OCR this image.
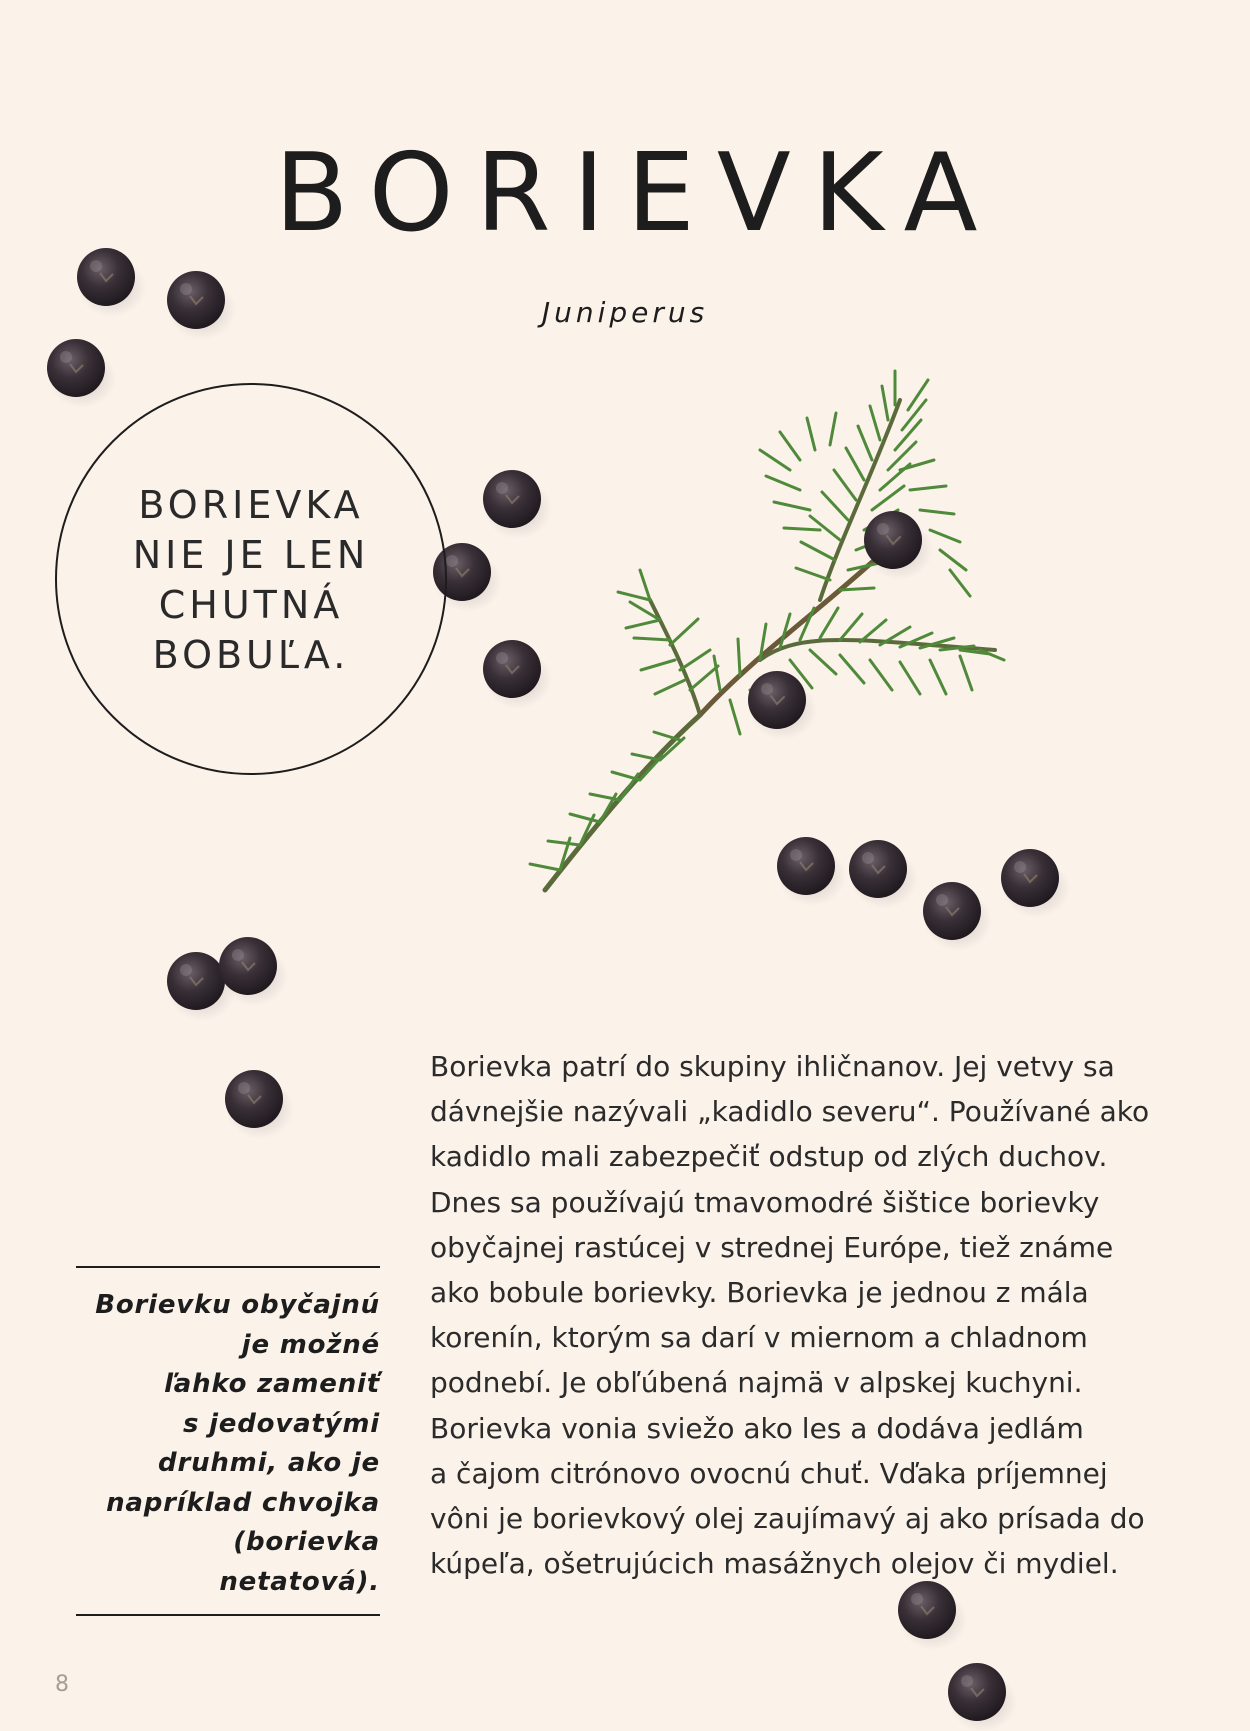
BORIEVKA
Juniperus
BORIEVKA
NIE JE LEN
CHUTNÁ
BOBUĽA.
Borievku obyčajnú
je možné
ľahko zameniť
s jedovatými
druhmi, ako je
napríklad chvojka
(borievka netatová).
Borievka patrí do skupiny ihličnanov. Jej vetvy sa
dávnejšie nazývali „kadidlo severu“. Používané ako
kadidlo mali zabezpečiť odstup od zlých duchov.
Dnes sa používajú tmavomodré šištice borievky
obyčajnej rastúcej v strednej Európe, tiež známe
ako bobule borievky. Borievka je jednou z mála
korenín, ktorým sa darí v miernom a chladnom
podnebí. Je obľúbená najmä v alpskej kuchyni.
Borievka vonia sviežo ako les a dodáva jedlám
a čajom citrónovo ovocnú chuť. Vďaka príjemnej
vôni je borievkový olej zaujímavý aj ako prísada do
kúpeľa, ošetrujúcich masážnych olejov či mydiel.
8
